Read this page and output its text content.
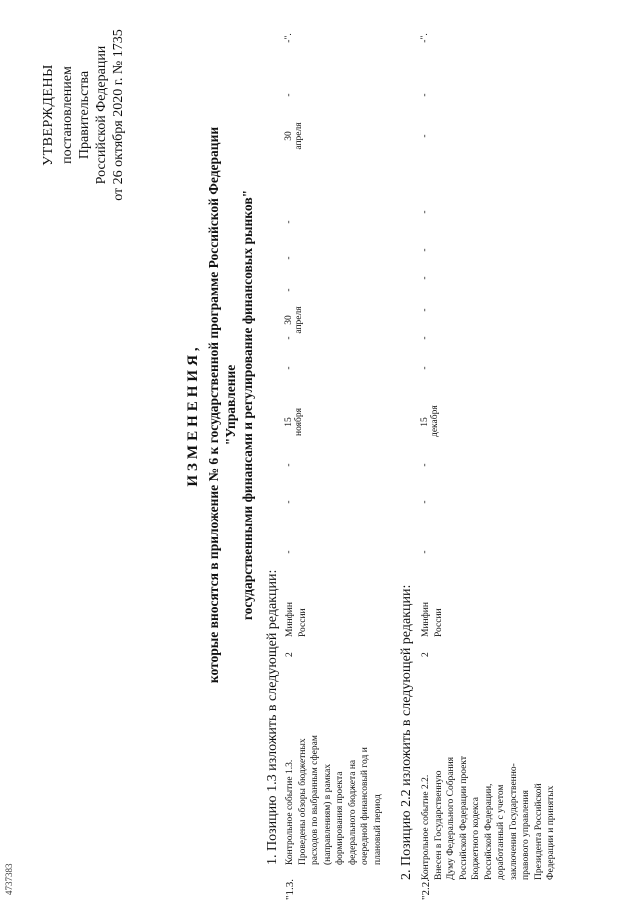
УТВЕРЖДЕНЫ постановлением Правительства Российской Федерации от 26 октября 2020 г. № 1735
ИЗМЕНЕНИЯ, которые вносятся в приложение № 6 к государственной программе Российской Федерации "Управление государственными финансами и регулирование финансовых рынков"
1. Позицию 1.3 изложить в следующей редакции:
"1.3.
Контрольное событие 1.3. Проведены обзоры бюджетных расходов по выбранным сферам (направлениям) в рамках формирования проекта федерального бюджета на очередной финансовый год и плановый период
2
Минфин России
-
-
-
15 ноября
-
-
30 апреля
-
-
-
30 апреля
-
-".
2. Позицию 2.2 изложить в следующей редакции:
"2.2.
Контрольное событие 2.2. Внесен в Государственную Думу Федерального Собрания Российской Федерации проект Бюджетного кодекса Российской Федерации, доработанный с учетом заключения Государственно- правового управления Президента Российской Федерации и принятых
2
Минфин России
-
-
-
15 декабря
-
-
-
-
-
-
-
-
-".
4737383
